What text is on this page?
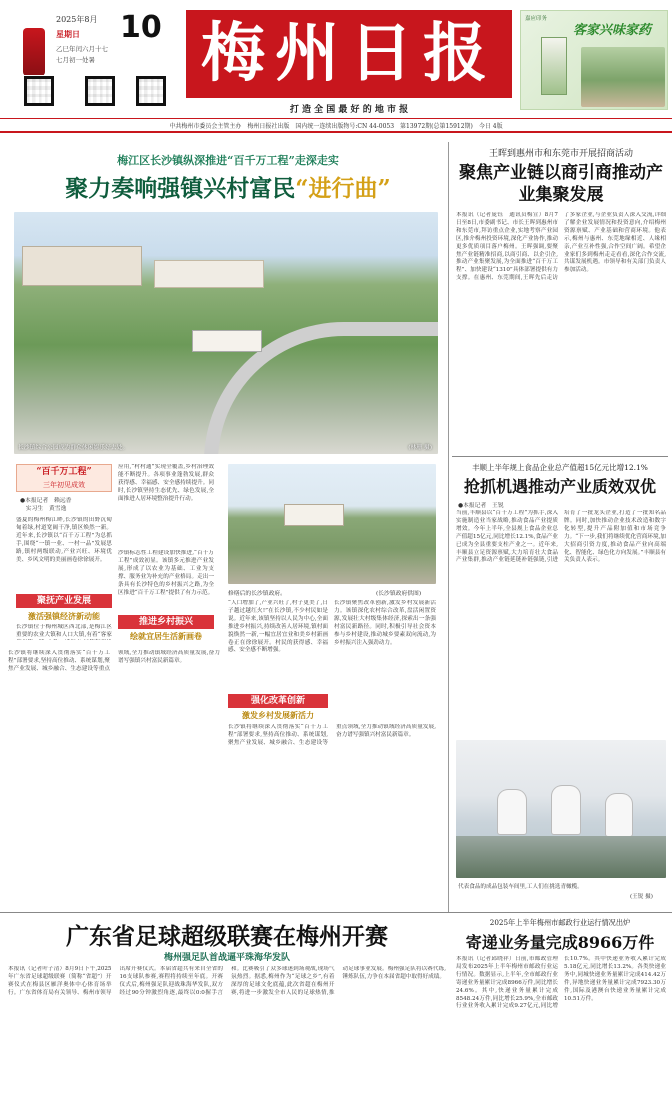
2025年8月
星期日 10
乙巳年闰六月十七
七月初一处暑 梅州日报
打 造 全 国 最 好 的 地 市 报
嘉应印务
客家兴味家药
中共梅州市委员会主管主办　梅州日报社出版　国内统一连续出版物号:CN 44-0053　第13972期(总第15912期)　今日 4版
梅江区长沙镇纵深推进“百千万工程”走深走实
聚力奏响强镇兴村富民“进行曲”
长沙镇综合公园成为群众休闲娱乐好去处。	(林珊 摄)
“百千万工程”
三年初见成效
●本报记者　赖远香
　实习生　黄雪逸
盛夏的梅州梅江畔,长沙镇的田野沉甸甸着绿,村道宽阔干净,镇区焕然一新。近年来,长沙镇以“百千万工程”为总抓手,围绕“一镇一业、一村一品”发展思路,镇村两级联动,产业兴旺、环境优美、乡风文明的美丽画卷徐徐展开。
聚抚产业发展
激活强镇经济新动能
长沙镇位于梅州城区西北部,是梅江区重要的农业大镇和人口大镇,有着“客家
应用,“村村通”实现全覆盖,乡村治理效能不断提升。各项事业蓬勃发展,群众获得感、幸福感、安全感持续提升。同时,长沙镇坚持生态优先、绿色发展,全面推进人居环境整治提升行动。
沙镇标志性工程建设加快推进,“百千万工程”成效初显。该镇多元推进产业发展,形成了以农业为基础、工业为支撑、服务业为补充的产业格局。走出一条具有长沙特色的乡村振兴之路,为全区推进“百千万工程”提供了有力示范。
推进乡村振兴
绘就宜居生活新画卷
修缮后的长沙镇政府。	(长沙镇政府供图)
“人口增加了,产业兴旺了,村子更美了,日子越过越红火!”在长沙镇,不少村民如是说。近年来,该镇坚持以人民为中心,全面推进乡村振兴,持续改善人居环境,镇村面貌焕然一新,一幅宜居宜业和美乡村新画卷正在徐徐展开。村民的获得感、幸福感、安全感不断增强。
长沙镇聚焦改革创新,激发乡村发展新活力。该镇深化农村综合改革,盘活闲置资源,发展壮大村级集体经济,探索出一条强村富民新路径。同时,积极引导社会资本参与乡村建设,推动城乡要素双向流动,为乡村振兴注入强劲动力。
强化改革创新
激发乡村发展新活力
长沙镇将继续深入贯彻落实“百千万工程”部署要求,坚持高位推动、系统谋划,聚焦产业发展、城乡融合、生态建设等重点领域,全力推动镇域经济高质量发展,奋力谱写强镇兴村富民新篇章。
长沙镇将继续深入贯彻落实“百千万工程”部署要求,坚持高位推动、系统谋划,聚焦产业发展、城乡融合、生态建设等重点领域,全力推动镇域经济高质量发展,奋力谱写强镇兴村富民新篇章。
王晖到惠州市和东莞市开展招商活动
聚焦产业链以商引商推动产业集聚发展
本报讯（记者庞钰　通讯员梅宣）8月7日至8日,市委副书记、市长王晖到惠州市和东莞市,拜访重点企业,实地考察产业园区,推介梅州投资环境,深化产业协作,推动更多优质项目落户梅州。王晖强调,要聚焦产业链精准招商,以商引商、以企引企,推动产业集聚发展,为全面推进“百千万工程”、加快建设“1310”具体部署提供有力支撑。在惠州、东莞期间,王晖先后走访了多家企业,与企业负责人深入交流,详细了解企业发展情况和投资意向,介绍梅州资源禀赋、产业基础和营商环境。他表示,梅州与惠州、东莞地缘相近、人缘相亲,产业互补性强,合作空间广阔。希望企业家们多到梅州走走看看,深化合作交流,共谋发展机遇。市领导和有关部门负责人参加活动。
丰顺上半年规上食品企业总产值超15亿元比增12.1%
抢抓机遇推动产业质效双优
●本报记者　王锐
当前,丰顺县以“百千万工程”为抓手,深入实施制造业当家战略,推动食品产业提质增效。今年上半年,全县规上食品企业总产值超15亿元,同比增长12.1%,食品产业已成为全县重要支柱产业之一。近年来,丰顺县立足资源禀赋,大力培育壮大食品产业集群,推动产业链延链补链强链,引进培育了一批龙头企业,打造了一批知名品牌。同时,加快推动企业技术改造和数字化转型,提升产品附加值和市场竞争力。“下一步,我们将继续优化营商环境,加大招商引资力度,推动食品产业向高端化、智能化、绿色化方向发展。”丰顺县有关负责人表示。
代表食品的成品包装车间里,工人们在挑选青橄榄。
(王锐 摄)
广东省足球超级联赛在梅州开赛
梅州强足队首战逼平珠海华发队
本报讯（记者叶子清）8月9日下午,2025年广东省足球超级联赛（简称“省超”）开赛仪式在梅县区雁洋奥体中心体育场举行。广东省体育局有关领导、梅州市领导出席开赛仪式。本届省超共有来自全省的16支球队参赛,赛程将持续至年底。开赛仪式后,梅州强足队迎战珠海华发队,双方经过90分钟激烈角逐,最终以0:0握手言和。比赛吸引了众多球迷到场观战,现场气氛热烈。据悉,梅州作为“足球之乡”,有着深厚的足球文化底蕴,此次省超在梅州开赛,将进一步激发全市人民的足球热情,推动足球事业发展。梅州强足队将以赛代练,锤炼队伍,力争在本届省超中取得好成绩。
2025年上半年梅州市邮政行业运行情况出炉
寄递业务量完成8966万件
本报讯（记者邱晓祥）日前,市邮政管理局发布2025年上半年梅州市邮政行业运行情况。数据显示,上半年,全市邮政行业寄递业务量累计完成8966万件,同比增长24.6%。其中,快递业务量累计完成8548.24万件,同比增长25.9%,全市邮政行业业务收入累计完成9.27亿元,同比增长10.7%。其中快递业务收入累计完成5.18亿元,同比增长13.2%。各类快递业务中,同城快递业务量累计完成414.42万件,异地快递业务量累计完成7923.30万件,国际及港澳台快递业务量累计完成10.51万件。
